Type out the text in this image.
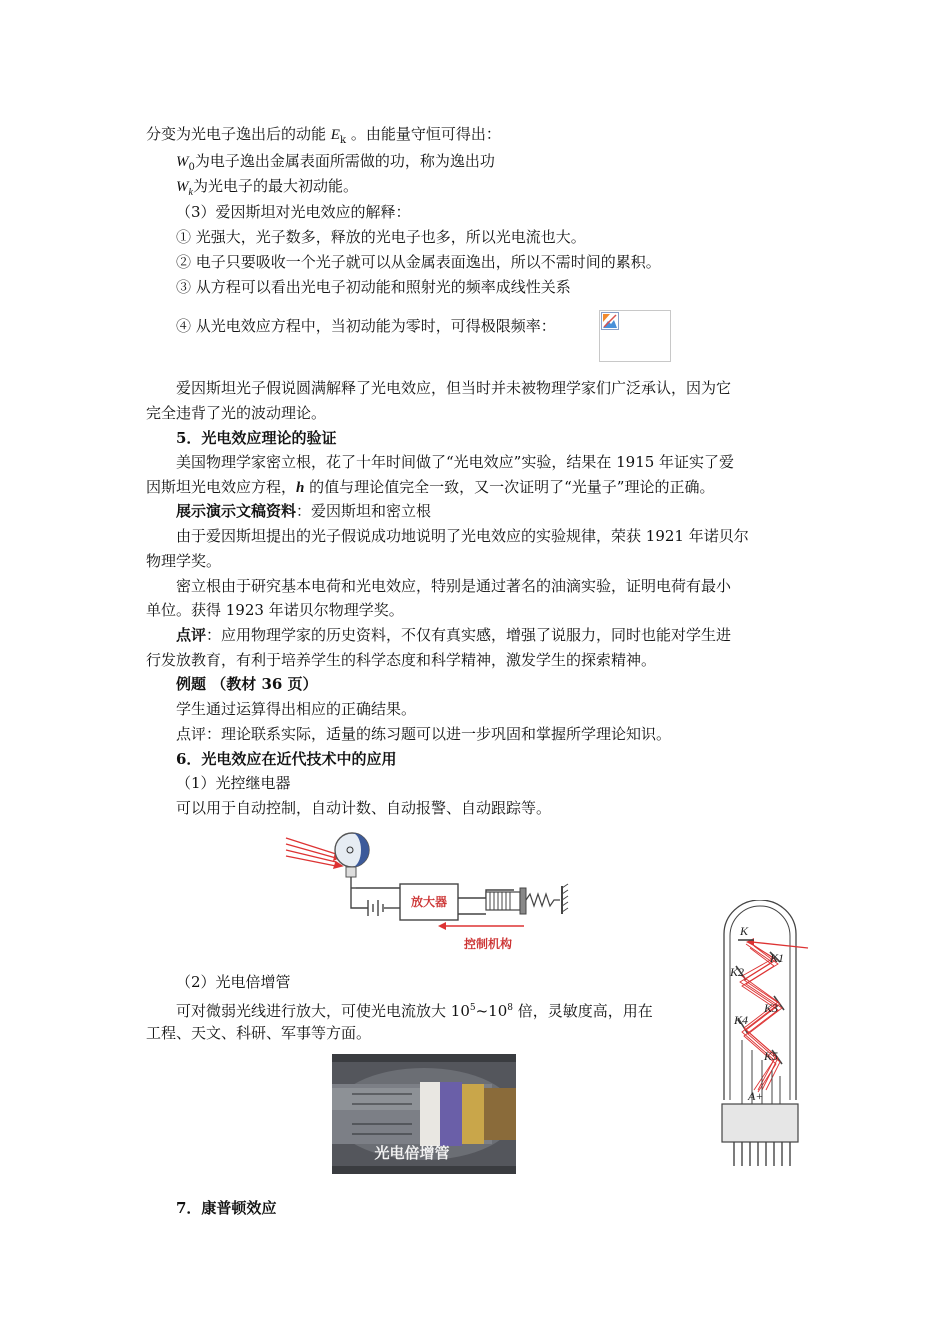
分变为光电子逸出后的动能 $E_k$ 。由能量守恒可得出：
$W_0$为电子逸出金属表面所需做的功，称为逸出功
$W_k$为光电子的最大初动能。
（3）爱因斯坦对光电效应的解释：
① 光强大，光子数多，释放的光电子也多，所以光电流也大。
② 电子只要吸收一个光子就可以从金属表面逸出，所以不需时间的累积。
③ 从方程可以看出光电子初动能和照射光的频率成线性关系
④ 从光电效应方程中，当初动能为零时，可得极限频率：
爱因斯坦光子假说圆满解释了光电效应，但当时并未被物理学家们广泛承认，因为它
完全违背了光的波动理论。
5．光电效应理论的验证
美国物理学家密立根，花了十年时间做了“光电效应”实验，结果在 1915 年证实了爱
因斯坦光电效应方程，h 的值与理论值完全一致，又一次证明了“光量子”理论的正确。
展示演示文稿资料：爱因斯坦和密立根
由于爱因斯坦提出的光子假说成功地说明了光电效应的实验规律，荣获 1921 年诺贝尔
物理学奖。
密立根由于研究基本电荷和光电效应，特别是通过著名的油滴实验，证明电荷有最小
单位。获得 1923 年诺贝尔物理学奖。
点评：应用物理学家的历史资料，不仅有真实感，增强了说服力，同时也能对学生进
行发放教育，有利于培养学生的科学态度和科学精神，激发学生的探索精神。
例题 （教材 36 页）
学生通过运算得出相应的正确结果。
点评：理论联系实际，适量的练习题可以进一步巩固和掌握所学理论知识。
6．光电效应在近代技术中的应用
（1）光控继电器
可以用于自动控制，自动计数、自动报警、自动跟踪等。
放大器
控制机构
（2）光电倍增管
可对微弱光线进行放大，可使光电流放大 $10^5\sim 10^8$ 倍，灵敏度高，用在
工程、天文、科研、军事等方面。
光电倍增管
K
K1
K2
K3
K4
K5
A+
7．康普顿效应
